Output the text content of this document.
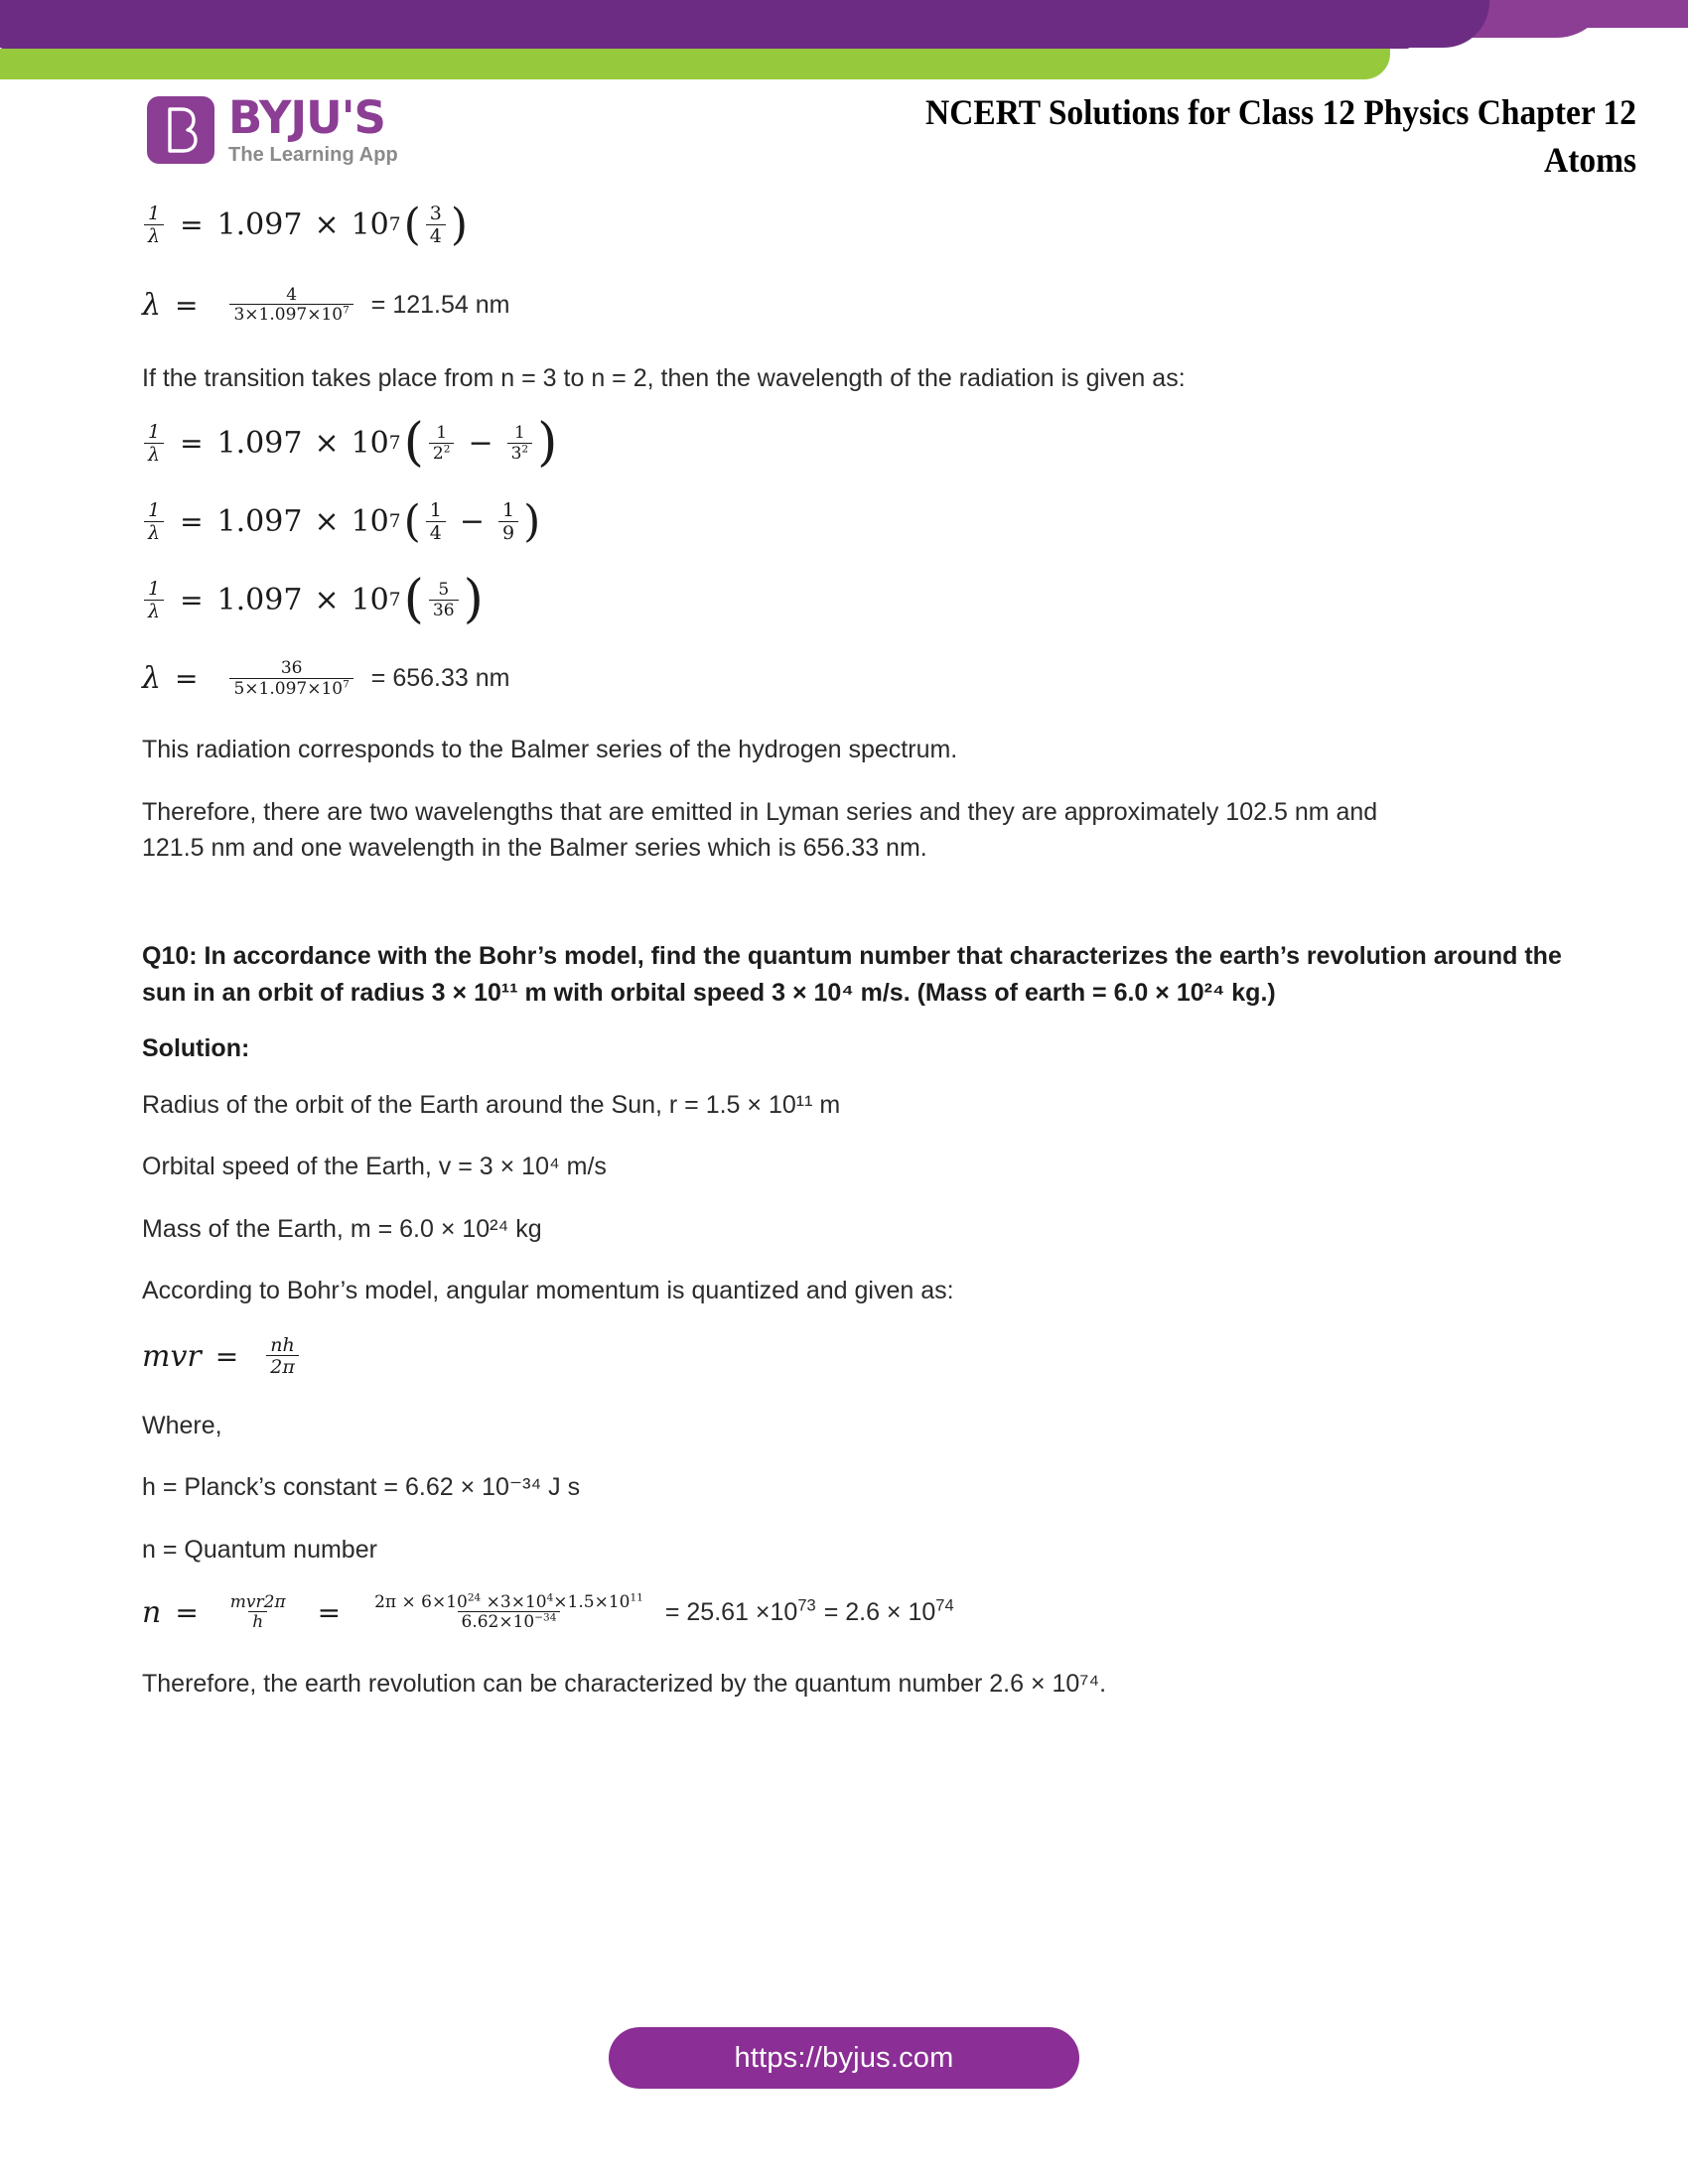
BYJU'S
The Learning App
NCERT Solutions for Class 12 Physics Chapter 12
Atoms
$\frac{1}{\lambda} = 1.097 \times 10$ 7 ( $\frac{3}{4}$ )
$\lambda = \frac{4}{3\times 1.097\times 10^7} = 121.54$ nm

If the transition takes place from n = 3 to n = 2, then the wavelength of the radiation is given as:

$\frac{1}{\lambda} = 1.097 \times 10$ 7 ( $\frac{1}{2^2} - \frac{1}{3^2}$ )
$\frac{1}{\lambda} = 1.097 \times 10$ 7 ( $\frac{1}{4} - \frac{1}{9}$ )
$\frac{1}{\lambda} = 1.097 \times 10$ 7 ( $\frac{5}{36}$ )
$\lambda = \frac{36}{5\times 1.097\times 10^7} = 656.33$ nm

This radiation corresponds to the Balmer series of the hydrogen spectrum.

Therefore, there are two wavelengths that are emitted in Lyman series and they are approximately 102.5 nm and 121.5 nm and one wavelength in the Balmer series which is 656.33 nm.

Q10: In accordance with the Bohr’s model, find the quantum number that characterizes the earth’s revolution around the sun in an orbit of radius 3 × 10¹¹ m with orbital speed 3 × 10⁴ m/s. (Mass of earth = 6.0 × 10²⁴ kg.)

Solution:

Radius of the orbit of the Earth around the Sun, r = 1.5 × 10¹¹ m

Orbital speed of the Earth, v = 3 × 10⁴ m/s

Mass of the Earth, m = 6.0 × 10²⁴ kg

According to Bohr’s model, angular momentum is quantized and given as:

mvr = $\frac{nh}{2\pi}$

Where,

h = Planck’s constant = 6.62 × 10⁻³⁴ J s

n = Quantum number

$n = \frac{\text{mvr2π}}{h} = \frac{2\pi \times 6\times 10^{24} \times 3\times 10^4\times 1.5\times 10^{11}}{6.62\times 10^{-34}} = 25.61 \times 10^{73} = 2.6 \times 10^{74}$

Therefore, the earth revolution can be characterized by the quantum number 2.6 × 10⁷⁴.

https://byjus.com
